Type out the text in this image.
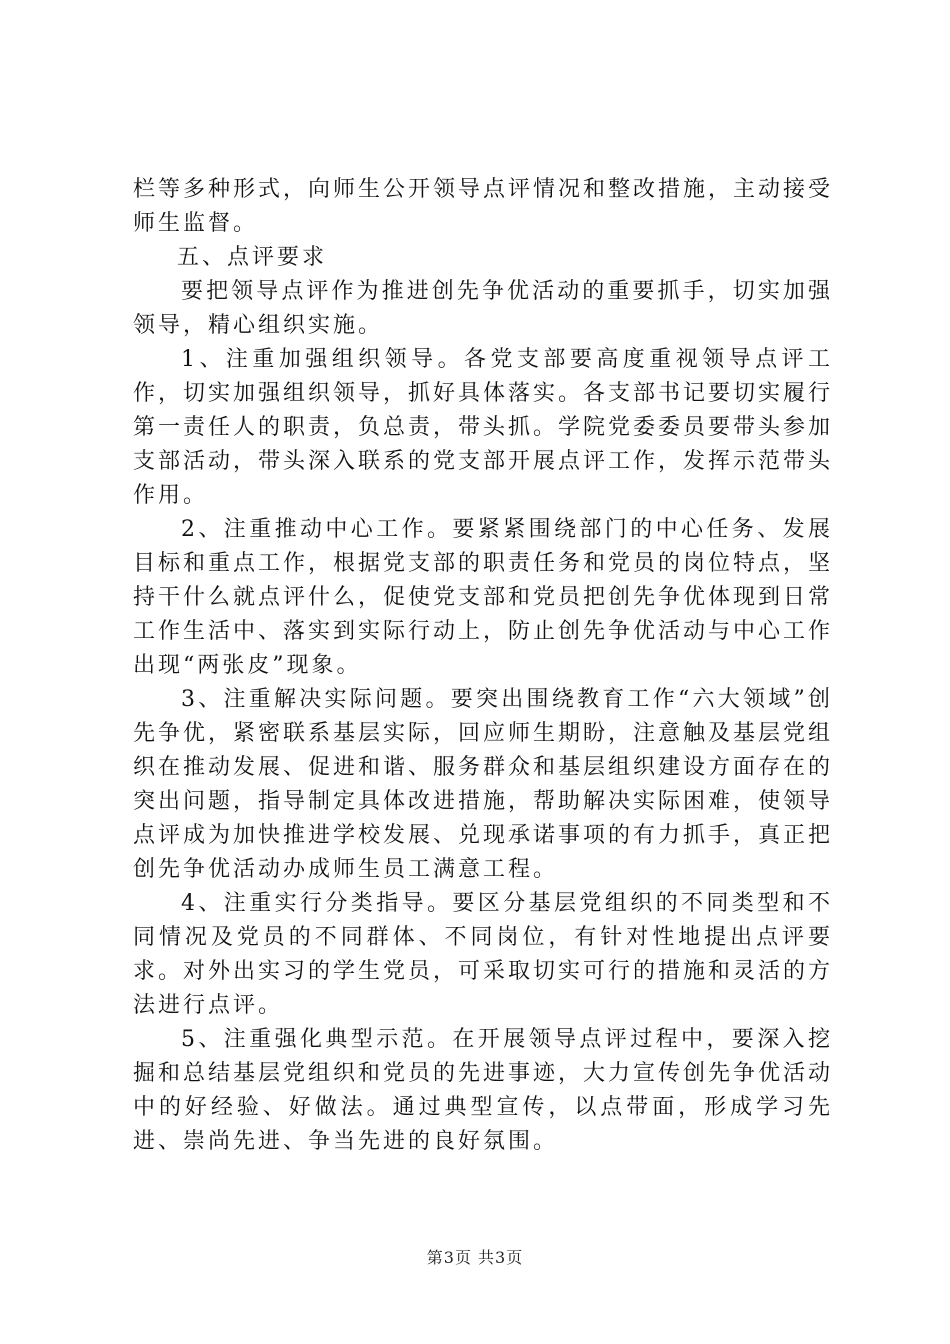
栏等多种形式，向师生公开领导点评情况和整改措施，主动接受师生监督。

五、点评要求

要把领导点评作为推进创先争优活动的重要抓手，切实加强领导，精心组织实施。

1、注重加强组织领导。各党支部要高度重视领导点评工作，切实加强组织领导，抓好具体落实。各支部书记要切实履行第一责任人的职责，负总责，带头抓。学院党委委员要带头参加支部活动，带头深入联系的党支部开展点评工作，发挥示范带头作用。

2、注重推动中心工作。要紧紧围绕部门的中心任务、发展目标和重点工作，根据党支部的职责任务和党员的岗位特点，坚持干什么就点评什么，促使党支部和党员把创先争优体现到日常工作生活中、落实到实际行动上，防止创先争优活动与中心工作出现“两张皮”现象。

3、注重解决实际问题。要突出围绕教育工作“六大领域”创先争优，紧密联系基层实际，回应师生期盼，注意触及基层党组织在推动发展、促进和谐、服务群众和基层组织建设方面存在的突出问题，指导制定具体改进措施，帮助解决实际困难，使领导点评成为加快推进学校发展、兑现承诺事项的有力抓手，真正把创先争优活动办成师生员工满意工程。

4、注重实行分类指导。要区分基层党组织的不同类型和不同情况及党员的不同群体、不同岗位，有针对性地提出点评要求。对外出实习的学生党员，可采取切实可行的措施和灵活的方法进行点评。

5、注重强化典型示范。在开展领导点评过程中，要深入挖掘和总结基层党组织和党员的先进事迹，大力宣传创先争优活动中的好经验、好做法。通过典型宣传，以点带面，形成学习先进、崇尚先进、争当先进的良好氛围。

第3页 共3页
